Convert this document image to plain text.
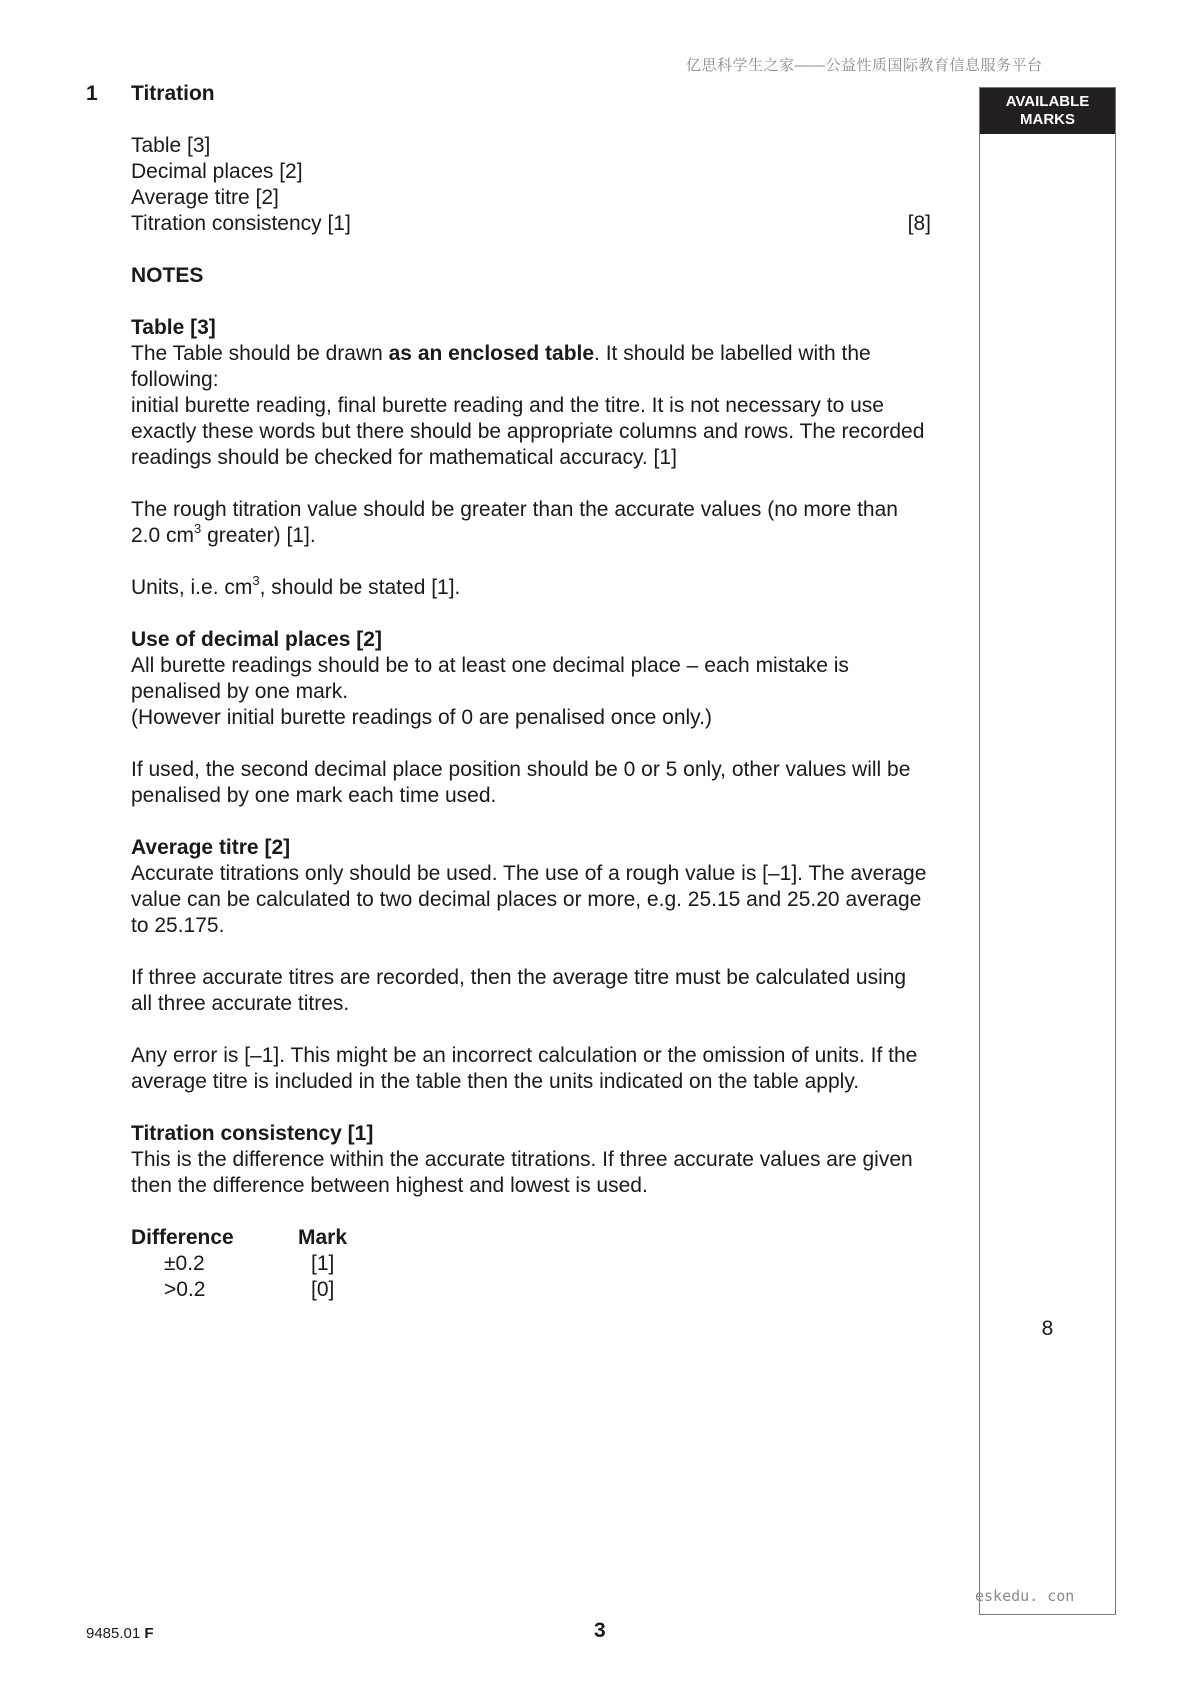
亿思科学生之家——公益性质国际教育信息服务平台
1 Titration

Table [3]

Decimal places [2]

Average titre [2]

Titration consistency [1]	[8]

NOTES

Table [3]

The Table should be drawn as an enclosed table. It should be labelled with the following:

initial burette reading, final burette reading and the titre. It is not necessary to use exactly these words but there should be appropriate columns and rows. The recorded readings should be checked for mathematical accuracy. [1]

The rough titration value should be greater than the accurate values (no more than 2.0 $cm^3$ greater) [1].

Units, i.e. $cm^3$, should be stated [1].

Use of decimal places [2]

All burette readings should be to at least one decimal place – each mistake is penalised by one mark.

(However initial burette readings of 0 are penalised once only.)

If used, the second decimal place position should be 0 or 5 only, other values will be penalised by one mark each time used.

Average titre [2]

Accurate titrations only should be used. The use of a rough value is [–1]. The average value can be calculated to two decimal places or more, e.g. 25.15 and 25.20 average to 25.175.

If three accurate titres are recorded, then the average titre must be calculated using all three accurate titres.

Any error is [–1]. This might be an incorrect calculation or the omission of units. If the average titre is included in the table then the units indicated on the table apply.

Titration consistency [1]

This is the difference within the accurate titrations. If three accurate values are given then the difference between highest and lowest is used.

Difference	Mark
±0.2	[1]
>0.2	[0]
AVAILABLE
MARKS
8
eskedu. con
9485.01 F	3
